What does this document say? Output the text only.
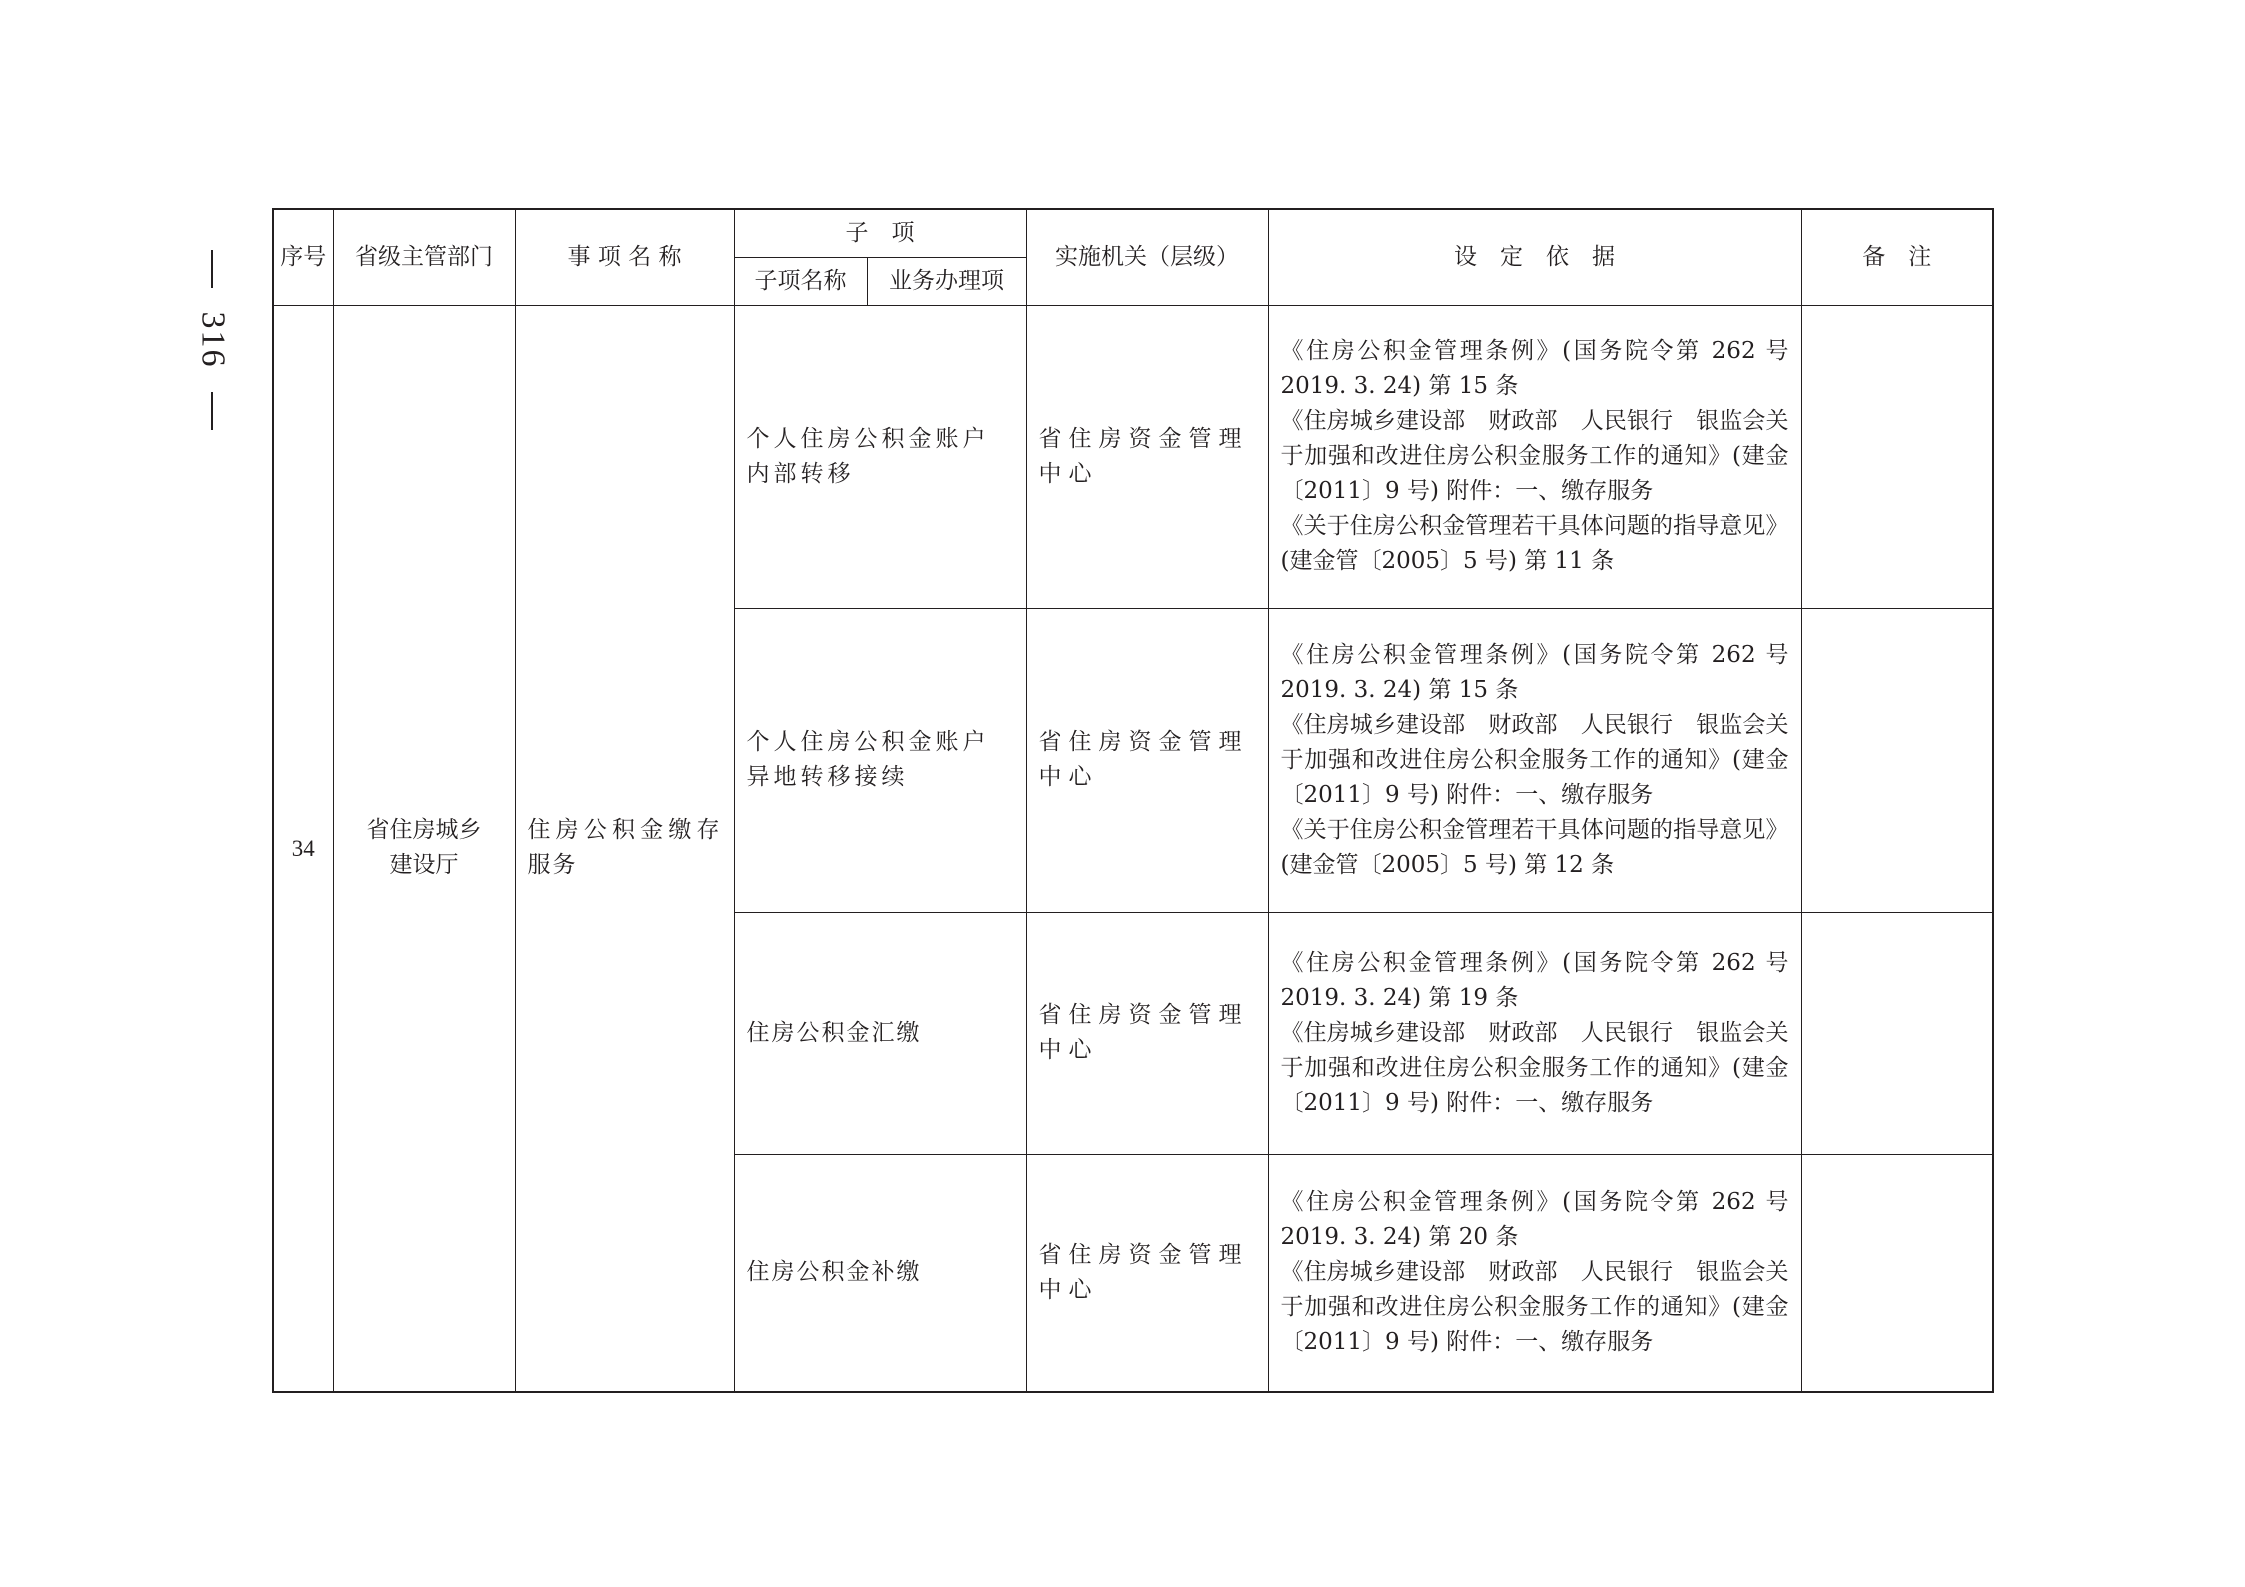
316
序号	省级主管部门	事 项 名 称	子　项		实施机关（层级）	设　定　依　据	备　注
			子项名称	业务办理项			
34	省住房城乡建设厅	住房公积金缴存服务	个人住房公积金账户内部转移		省住房资金管理中心	《住房公积金管理条例》(国务院令第 262 号 2019. 3. 24) 第 15 条
《住房城乡建设部　财政部　人民银行　银监会关于加强和改进住房公积金服务工作的通知》(建金〔2011〕9 号) 附件：一、缴存服务
《关于住房公积金管理若干具体问题的指导意见》(建金管〔2005〕5 号) 第 11 条	

			个人住房公积金账户异地转移接续		省住房资金管理中心	《住房公积金管理条例》(国务院令第 262 号 2019. 3. 24) 第 15 条
《住房城乡建设部　财政部　人民银行　银监会关于加强和改进住房公积金服务工作的通知》(建金〔2011〕9 号) 附件：一、缴存服务
《关于住房公积金管理若干具体问题的指导意见》(建金管〔2005〕5 号) 第 12 条	

			住房公积金汇缴		省住房资金管理中心	《住房公积金管理条例》(国务院令第 262 号 2019. 3. 24) 第 19 条
《住房城乡建设部　财政部　人民银行　银监会关于加强和改进住房公积金服务工作的通知》(建金〔2011〕9 号) 附件：一、缴存服务	

			住房公积金补缴		省住房资金管理中心	《住房公积金管理条例》(国务院令第 262 号 2019. 3. 24) 第 20 条
《住房城乡建设部　财政部　人民银行　银监会关于加强和改进住房公积金服务工作的通知》(建金〔2011〕9 号) 附件：一、缴存服务	
